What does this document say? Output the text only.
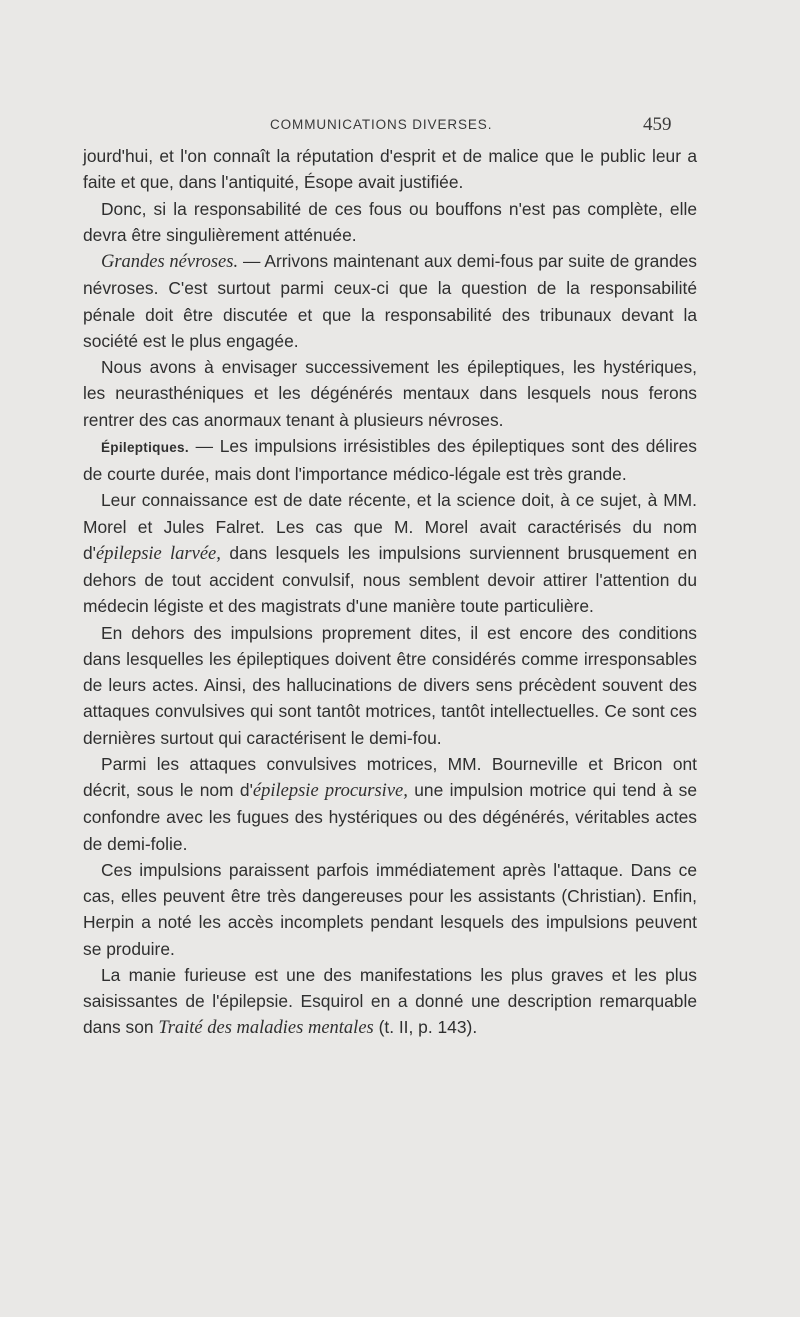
COMMUNICATIONS DIVERSES.	459

jourd'hui, et l'on connaît la réputation d'esprit et de malice que le public leur a faite et que, dans l'antiquité, Ésope avait justifiée.

Donc, si la responsabilité de ces fous ou bouffons n'est pas complète, elle devra être singulièrement atténuée.

Grandes névroses. — Arrivons maintenant aux demi-fous par suite de grandes névroses. C'est surtout parmi ceux-ci que la question de la responsabilité pénale doit être discutée et que la responsabilité des tribunaux devant la société est le plus engagée.

Nous avons à envisager successivement les épileptiques, les hystériques, les neurasthéniques et les dégénérés mentaux dans lesquels nous ferons rentrer des cas anormaux tenant à plusieurs névroses.

Épileptiques. — Les impulsions irrésistibles des épileptiques sont des délires de courte durée, mais dont l'importance médico-légale est très grande.

Leur connaissance est de date récente, et la science doit, à ce sujet, à MM. Morel et Jules Falret. Les cas que M. Morel avait caractérisés du nom d'épilepsie larvée, dans lesquels les impulsions surviennent brusquement en dehors de tout accident convulsif, nous semblent devoir attirer l'attention du médecin légiste et des magistrats d'une manière toute particulière.

En dehors des impulsions proprement dites, il est encore des conditions dans lesquelles les épileptiques doivent être considérés comme irresponsables de leurs actes. Ainsi, des hallucinations de divers sens précèdent souvent des attaques convulsives qui sont tantôt motrices, tantôt intellectuelles. Ce sont ces dernières surtout qui caractérisent le demi-fou.

Parmi les attaques convulsives motrices, MM. Bourneville et Bricon ont décrit, sous le nom d'épilepsie procursive, une impulsion motrice qui tend à se confondre avec les fugues des hystériques ou des dégénérés, véritables actes de demi-folie.

Ces impulsions paraissent parfois immédiatement après l'attaque. Dans ce cas, elles peuvent être très dangereuses pour les assistants (Christian). Enfin, Herpin a noté les accès incomplets pendant lesquels des impulsions peuvent se produire.

La manie furieuse est une des manifestations les plus graves et les plus saisissantes de l'épilepsie. Esquirol en a donné une description remarquable dans son Traité des maladies mentales (t. II, p. 143).
